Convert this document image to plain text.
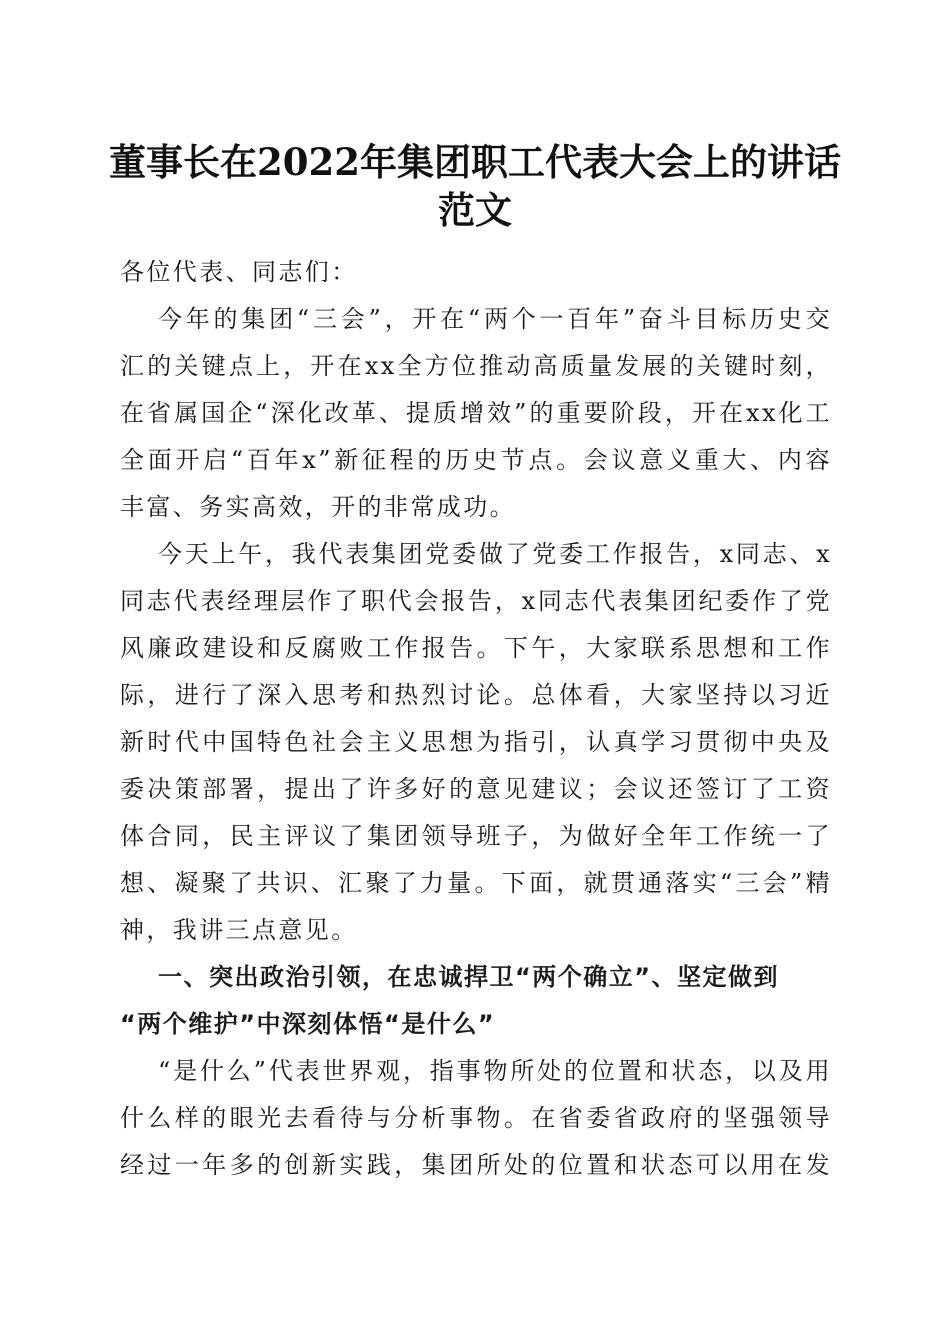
董事长在2022年集团职工代表大会上的讲话
范文
各位代表、同志们：
今年的集团“三会”，开在“两个一百年”奋斗目标历史交
汇的关键点上，开在xx全方位推动高质量发展的关键时刻，
在省属国企“深化改革、提质增效”的重要阶段，开在xx化工
全面开启“百年x”新征程的历史节点。会议意义重大、内容
丰富、务实高效，开的非常成功。
今天上午，我代表集团党委做了党委工作报告，x同志、x
同志代表经理层作了职代会报告，x同志代表集团纪委作了党
风廉政建设和反腐败工作报告。下午，大家联系思想和工作
际，进行了深入思考和热烈讨论。总体看，大家坚持以习近
新时代中国特色社会主义思想为指引，认真学习贯彻中央及
委决策部署，提出了许多好的意见建议；会议还签订了工资
体合同，民主评议了集团领导班子，为做好全年工作统一了
想、凝聚了共识、汇聚了力量。下面，就贯通落实“三会”精
神，我讲三点意见。
一、突出政治引领，在忠诚捍卫“两个确立”、坚定做到
“两个维护”中深刻体悟“是什么”
“是什么”代表世界观，指事物所处的位置和状态，以及用
什么样的眼光去看待与分析事物。在省委省政府的坚强领导
经过一年多的创新实践，集团所处的位置和状态可以用在发
